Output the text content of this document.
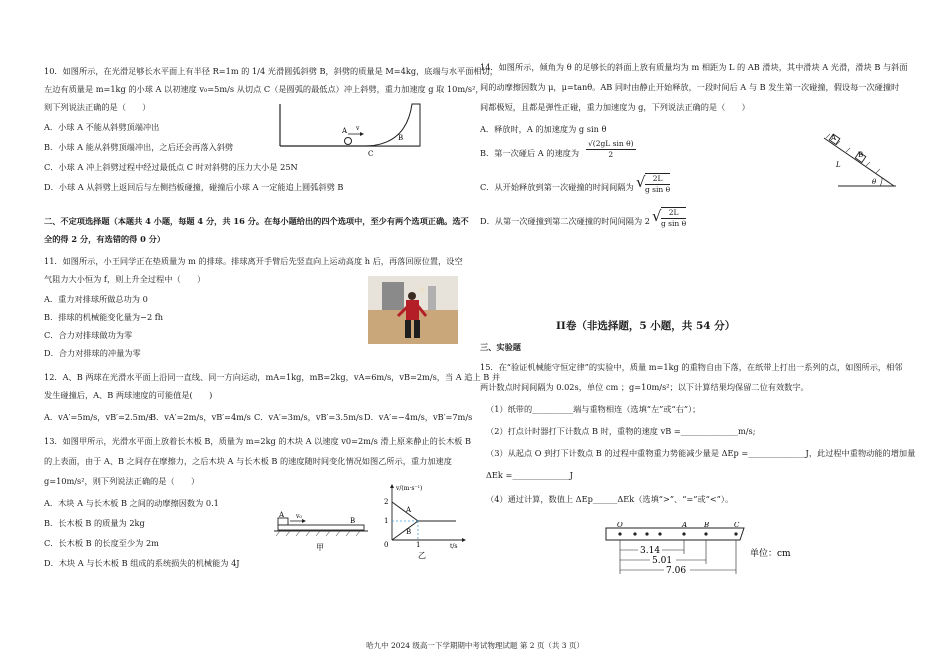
10．如图所示，在光滑足够长水平面上有半径 R=1m 的 1/4 光滑圆弧斜劈 B，斜劈的质量是 M=4kg，底端与水平面相切，
左边有质量是 m=1kg 的小球 A 以初速度 v₀=5m/s 从切点 C（是圆弧的最低点）冲上斜劈，重力加速度 g 取 10m/s²，
则下列说法正确的是（　　）
A．小球 A 不能从斜劈顶端冲出
B．小球 A 能从斜劈顶端冲出，之后还会再落入斜劈
C．小球 A 冲上斜劈过程中经过最低点 C 时对斜劈的压力大小是 25N
D．小球 A 从斜劈上返回后与左侧挡板碰撞，碰撞后小球 A 一定能追上圆弧斜劈 B
A v
B
C
二、不定项选择题（本题共 4 小题，每题 4 分，共 16 分。在每小题给出的四个选项中，至少有两个选项正确。选不
全的得 2 分，有选错的得 0 分）
11．如图所示，小王同学正在垫质量为 m 的排球。排球离开手臂后先竖直向上运动高度 h 后，再落回原位置，设空
气阻力大小恒为 f，则上升全过程中（　　）
A．重力对排球所做总功为 0
B．排球的机械能变化量为−2 fh
C．合力对排球做功为零
D．合力对排球的冲量为零
12．A、B 两球在光滑水平面上沿同一直线、同一方向运动，mA=1kg，mB=2kg，vA=6m/s，vB=2m/s，当 A 追上 B 并
发生碰撞后，A、B 两球速度的可能值是(　　)
A．vA′=5m/s，vB′=2.5m/s
B．vA′=2m/s，vB′=4m/s C．vA′=3m/s，vB′=3.5m/s D．vA′=−4m/s，vB′=7m/s
13．如图甲所示，光滑水平面上放着长木板 B，质量为 m=2kg 的木块 A 以速度 v0=2m/s 滑上原来静止的长木板 B
的上表面，由于 A、B 之间存在摩擦力，之后木块 A 与长木板 B 的速度随时间变化情况如图乙所示，重力加速度
g=10m/s²，则下列说法正确的是（　　）
A．木块 A 与长木板 B 之间的动摩擦因数为 0.1
B．长木板 B 的质量为 2kg
C．长木板 B 的长度至少为 2m
D．木块 A 与长木板 B 组成的系统损失的机械能为 4J
A v₀
B
甲
v/(m·s⁻¹)
2
1
0	1	t/s
A
B
乙
14．如图所示，倾角为 θ 的足够长的斜面上放有质量均为 m 相距为 L 的 AB 滑块，其中滑块 A 光滑，滑块 B 与斜面
间的动摩擦因数为 μ，μ=tanθ。AB 同时由静止开始释放，一段时间后 A 与 B 发生第一次碰撞，假设每一次碰撞时
间都极短，且都是弹性正碰，重力加速度为 g，下列说法正确的是（　　）
A．释放时，A 的加速度为 g sin θ
B．第一次碰后 A 的速度为 $\frac{\text{√(2gL sin θ)}}{2}$
C．从开始释放到第一次碰撞的时间间隔为 √ 2L
g sin θ
D．从第一次碰撞到第二次碰撞的时间间隔为 2 √ 2L
g sin θ
A
B
L
θ
II卷（非选择题，5 小题，共 54 分）
三、实验题
15．在“验证机械能守恒定律”的实验中，质量 m=1kg 的重物自由下落，在纸带上打出一系列的点，如图所示，相邻
两计数点时间间隔为 0.02s，单位 cm ；g=10m/s²；以下计算结果均保留二位有效数字。
（1）纸带的__________端与重物相连（选填“左”或“右”）；
（2）打点计时器打下计数点 B 时，重物的速度 vB =______________m/s;
（3）从起点 O 到打下计数点 B 的过程中重物重力势能减少量是 ΔEp =______________J，此过程中重物动能的增加量
ΔEk =______________J
（4）通过计算，数值上 ΔEp______ΔEk（选填“>”、“=”或“<”）。
O	A B	C
3.14
5.01
7.06
单位：cm
哈九中 2024 级高一下学期期中考试物理试题 第 2 页（共 3 页）
